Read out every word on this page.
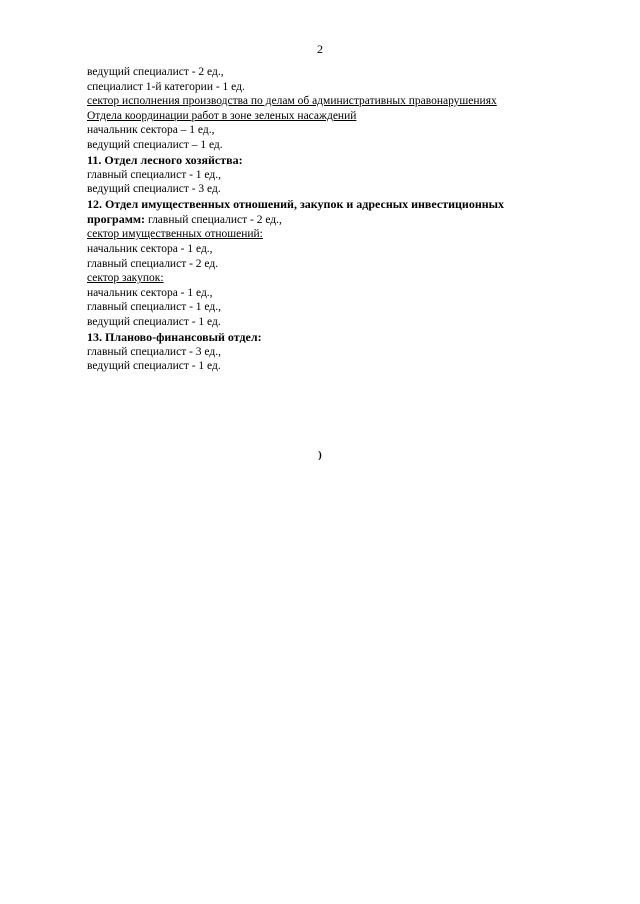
2
ведущий специалист - 2 ед.,
специалист 1-й категории - 1 ед.
сектор исполнения производства по делам об административных правонарушениях
Отдела координации работ в зоне зеленых насаждений
начальник сектора – 1 ед.,
ведущий специалист – 1 ед.
11. Отдел лесного хозяйства:
главный специалист - 1 ед.,
ведущий специалист - 3 ед.
12. Отдел имущественных отношений, закупок и адресных инвестиционных
программ: главный специалист - 2 ед.,
сектор имущественных отношений:
начальник сектора - 1 ед.,
главный специалист - 2 ед.
сектор закупок:
начальник сектора - 1 ед.,
главный специалист - 1 ед.,
ведущий специалист - 1 ед.
13. Планово-финансовый отдел:
главный специалист - 3 ед.,
ведущий специалист - 1 ед.
)
